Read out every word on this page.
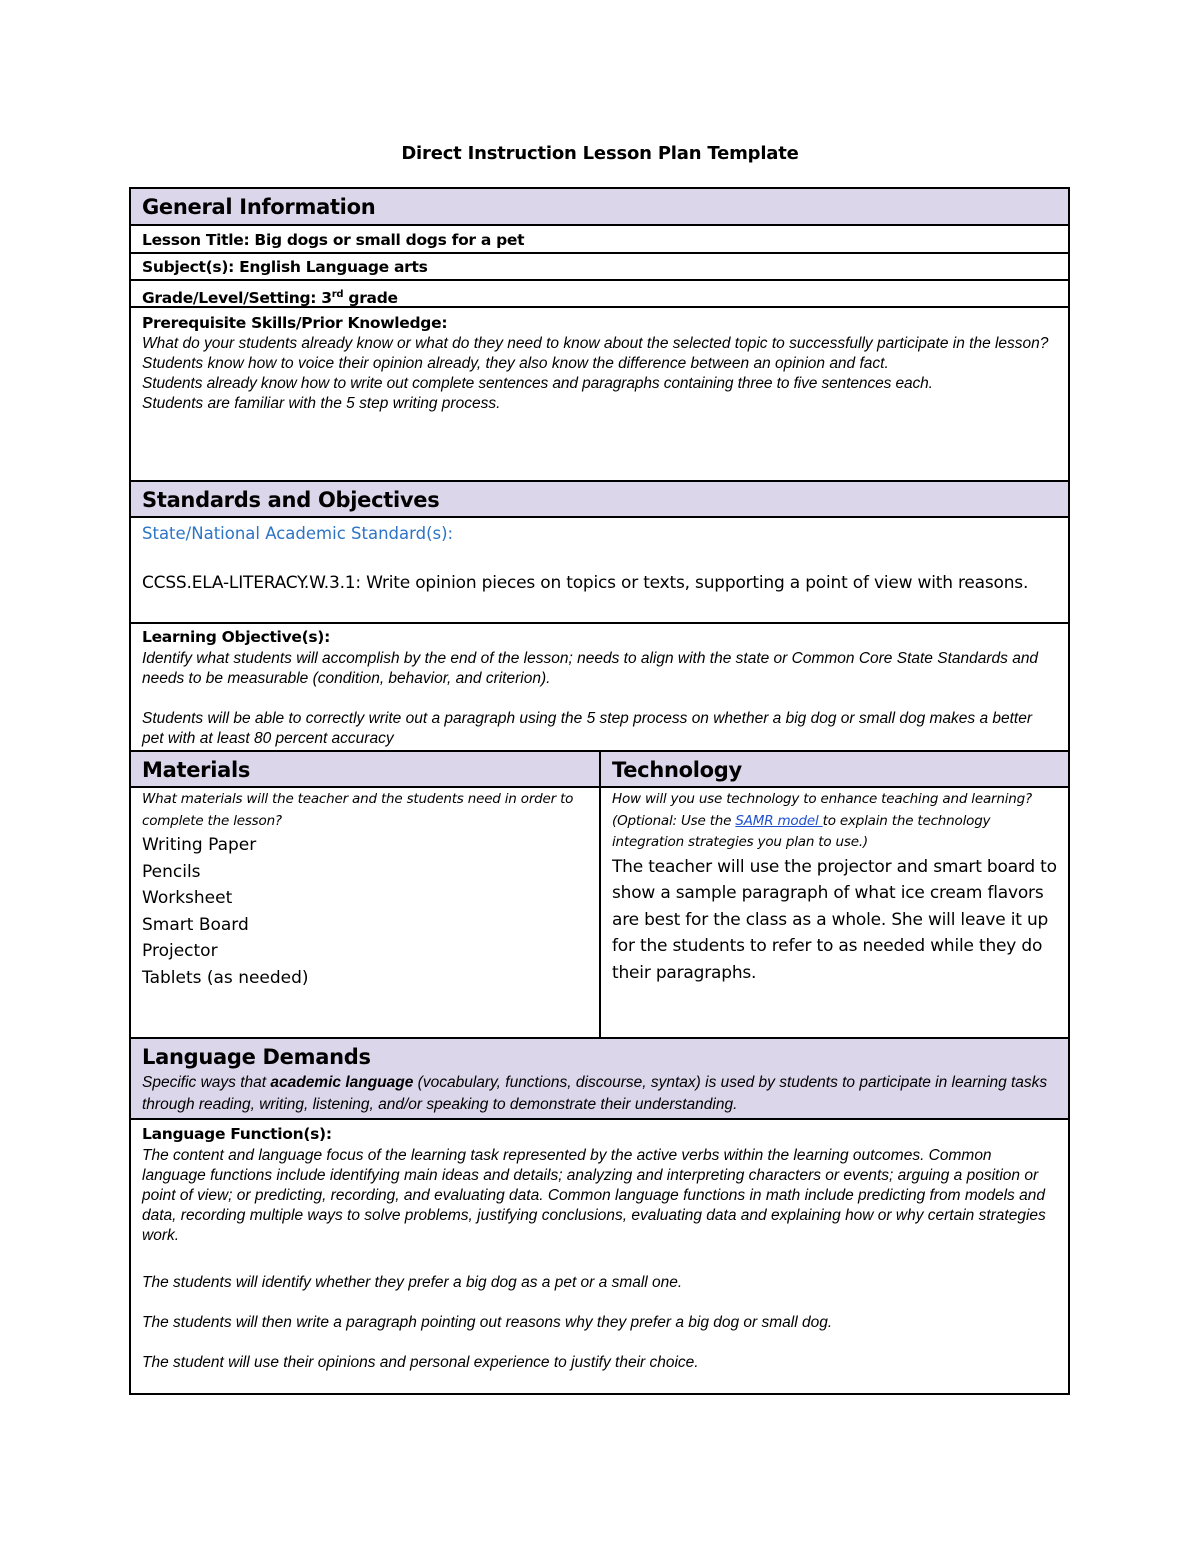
Direct Instruction Lesson Plan Template
General Information
Lesson Title: Big dogs or small dogs for a pet
Subject(s): English Language arts
Grade/Level/Setting: 3rd grade
Prerequisite Skills/Prior Knowledge:
What do your students already know or what do they need to know about the selected topic to successfully participate in the lesson?
Students know how to voice their opinion already, they also know the difference between an opinion and fact.
Students already know how to write out complete sentences and paragraphs containing three to five sentences each.
Students are familiar with the 5 step writing process.
Standards and Objectives
State/National Academic Standard(s):
CCSS.ELA-LITERACY.W.3.1: Write opinion pieces on topics or texts, supporting a point of view with reasons.
Learning Objective(s):
Identify what students will accomplish by the end of the lesson; needs to align with the state or Common Core State Standards and needs to be measurable (condition, behavior, and criterion).
Students will be able to correctly write out a paragraph using the 5 step process on whether a big dog or small dog makes a better pet with at least 80 percent accuracy
Materials	Technology
What materials will the teacher and the students need in order to complete the lesson?
Writing Paper
Pencils
Worksheet
Smart Board
Projector
Tablets (as needed)
How will you use technology to enhance teaching and learning? (Optional: Use the SAMR model to explain the technology integration strategies you plan to use.)
The teacher will use the projector and smart board to show a sample paragraph of what ice cream flavors are best for the class as a whole. She will leave it up for the students to refer to as needed while they do their paragraphs.
Language Demands
Specific ways that academic language (vocabulary, functions, discourse, syntax) is used by students to participate in learning tasks through reading, writing, listening, and/or speaking to demonstrate their understanding.
Language Function(s):
The content and language focus of the learning task represented by the active verbs within the learning outcomes. Common language functions include identifying main ideas and details; analyzing and interpreting characters or events; arguing a position or point of view; or predicting, recording, and evaluating data. Common language functions in math include predicting from models and data, recording multiple ways to solve problems, justifying conclusions, evaluating data and explaining how or why certain strategies work.
The students will identify whether they prefer a big dog as a pet or a small one.
The students will then write a paragraph pointing out reasons why they prefer a big dog or small dog.
The student will use their opinions and personal experience to justify their choice.
